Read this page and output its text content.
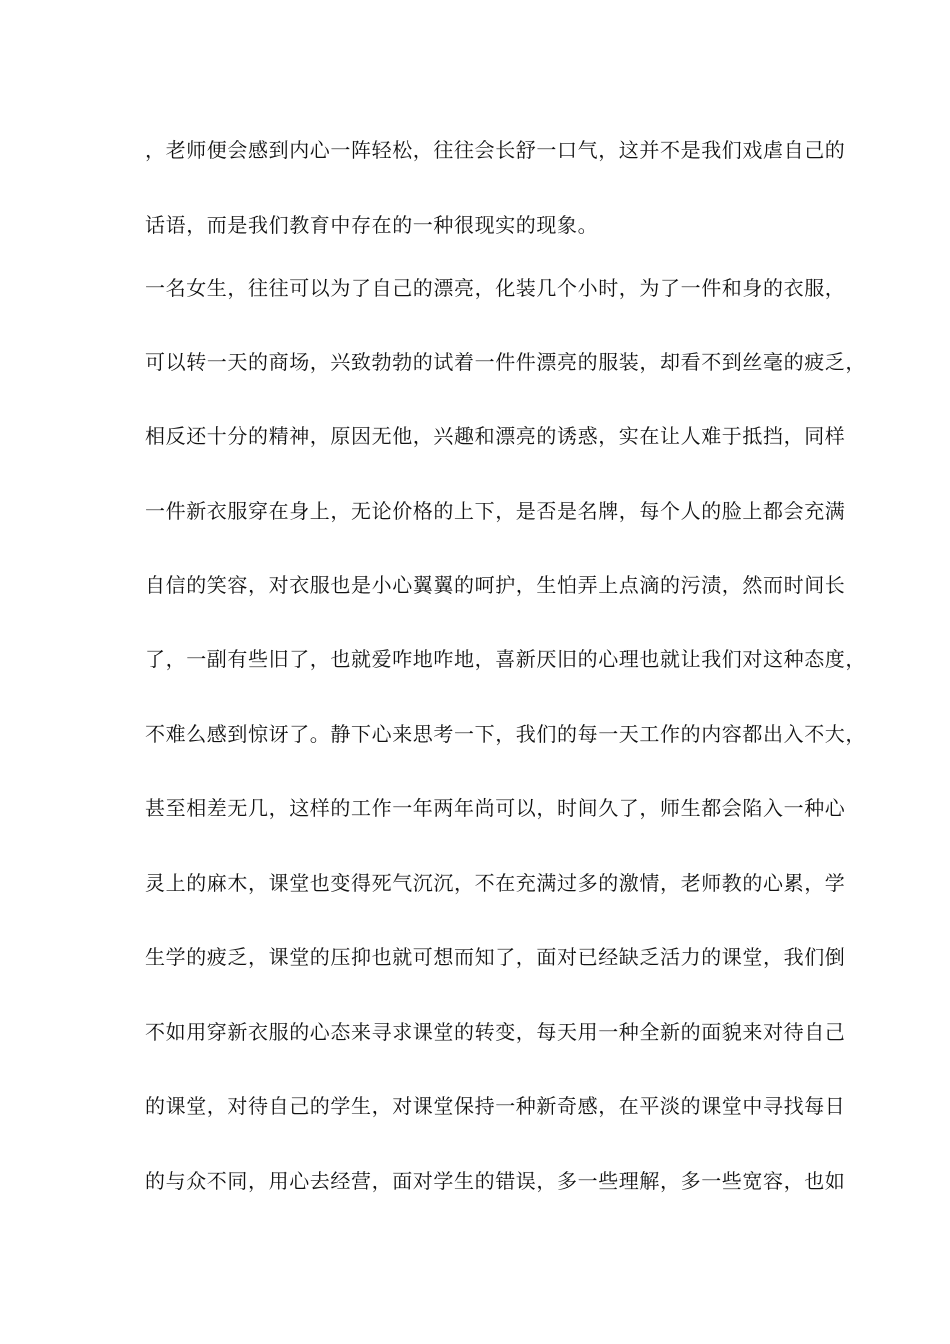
，老师便会感到内心一阵轻松，往往会长舒一口气，这并不是我们戏虐自己的
话语，而是我们教育中存在的一种很现实的现象。
一名女生，往往可以为了自己的漂亮，化装几个小时，为了一件和身的衣服，
可以转一天的商场，兴致勃勃的试着一件件漂亮的服装，却看不到丝毫的疲乏，
相反还十分的精神，原因无他，兴趣和漂亮的诱惑，实在让人难于抵挡，同样
一件新衣服穿在身上，无论价格的上下，是否是名牌，每个人的脸上都会充满
自信的笑容，对衣服也是小心翼翼的呵护，生怕弄上点滴的污渍，然而时间长
了，一副有些旧了，也就爱咋地咋地，喜新厌旧的心理也就让我们对这种态度，
不难么感到惊讶了。静下心来思考一下，我们的每一天工作的内容都出入不大，
甚至相差无几，这样的工作一年两年尚可以，时间久了，师生都会陷入一种心
灵上的麻木，课堂也变得死气沉沉，不在充满过多的激情，老师教的心累，学
生学的疲乏，课堂的压抑也就可想而知了，面对已经缺乏活力的课堂，我们倒
不如用穿新衣服的心态来寻求课堂的转变，每天用一种全新的面貌来对待自己
的课堂，对待自己的学生，对课堂保持一种新奇感，在平淡的课堂中寻找每日
的与众不同，用心去经营，面对学生的错误，多一些理解，多一些宽容，也如
